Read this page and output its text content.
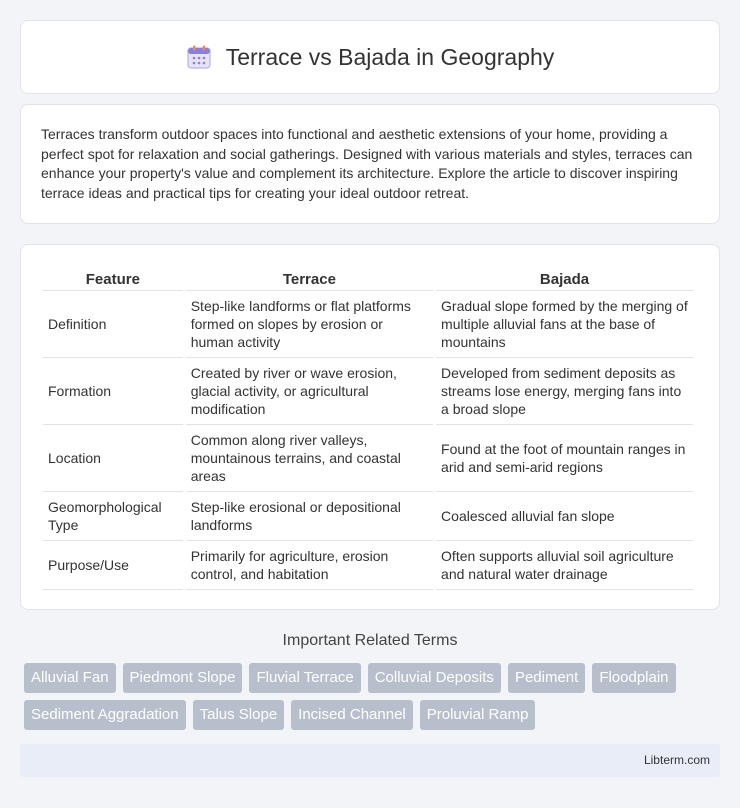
Terrace vs Bajada in Geography

Terraces transform outdoor spaces into functional and aesthetic extensions of your home, providing a perfect spot for relaxation and social gatherings. Designed with various materials and styles, terraces can enhance your property's value and complement its architecture. Explore the article to discover inspiring terrace ideas and practical tips for creating your ideal outdoor retreat.

Feature	Terrace	Bajada
Definition	Step-like landforms or flat platforms formed on slopes by erosion or human activity	Gradual slope formed by the merging of multiple alluvial fans at the base of mountains
Formation	Created by river or wave erosion, glacial activity, or agricultural modification	Developed from sediment deposits as streams lose energy, merging fans into a broad slope
Location	Common along river valleys, mountainous terrains, and coastal areas	Found at the foot of mountain ranges in arid and semi-arid regions
Geomorphological Type	Step-like erosional or depositional landforms	Coalesced alluvial fan slope
Purpose/Use	Primarily for agriculture, erosion control, and habitation	Often supports alluvial soil agriculture and natural water drainage
Important Related Terms
Alluvial Fan	Piedmont Slope	Fluvial Terrace	Colluvial Deposits	Pediment	Floodplain
Sediment Aggradation	Talus Slope	Incised Channel	Proluvial Ramp
Libterm.com
